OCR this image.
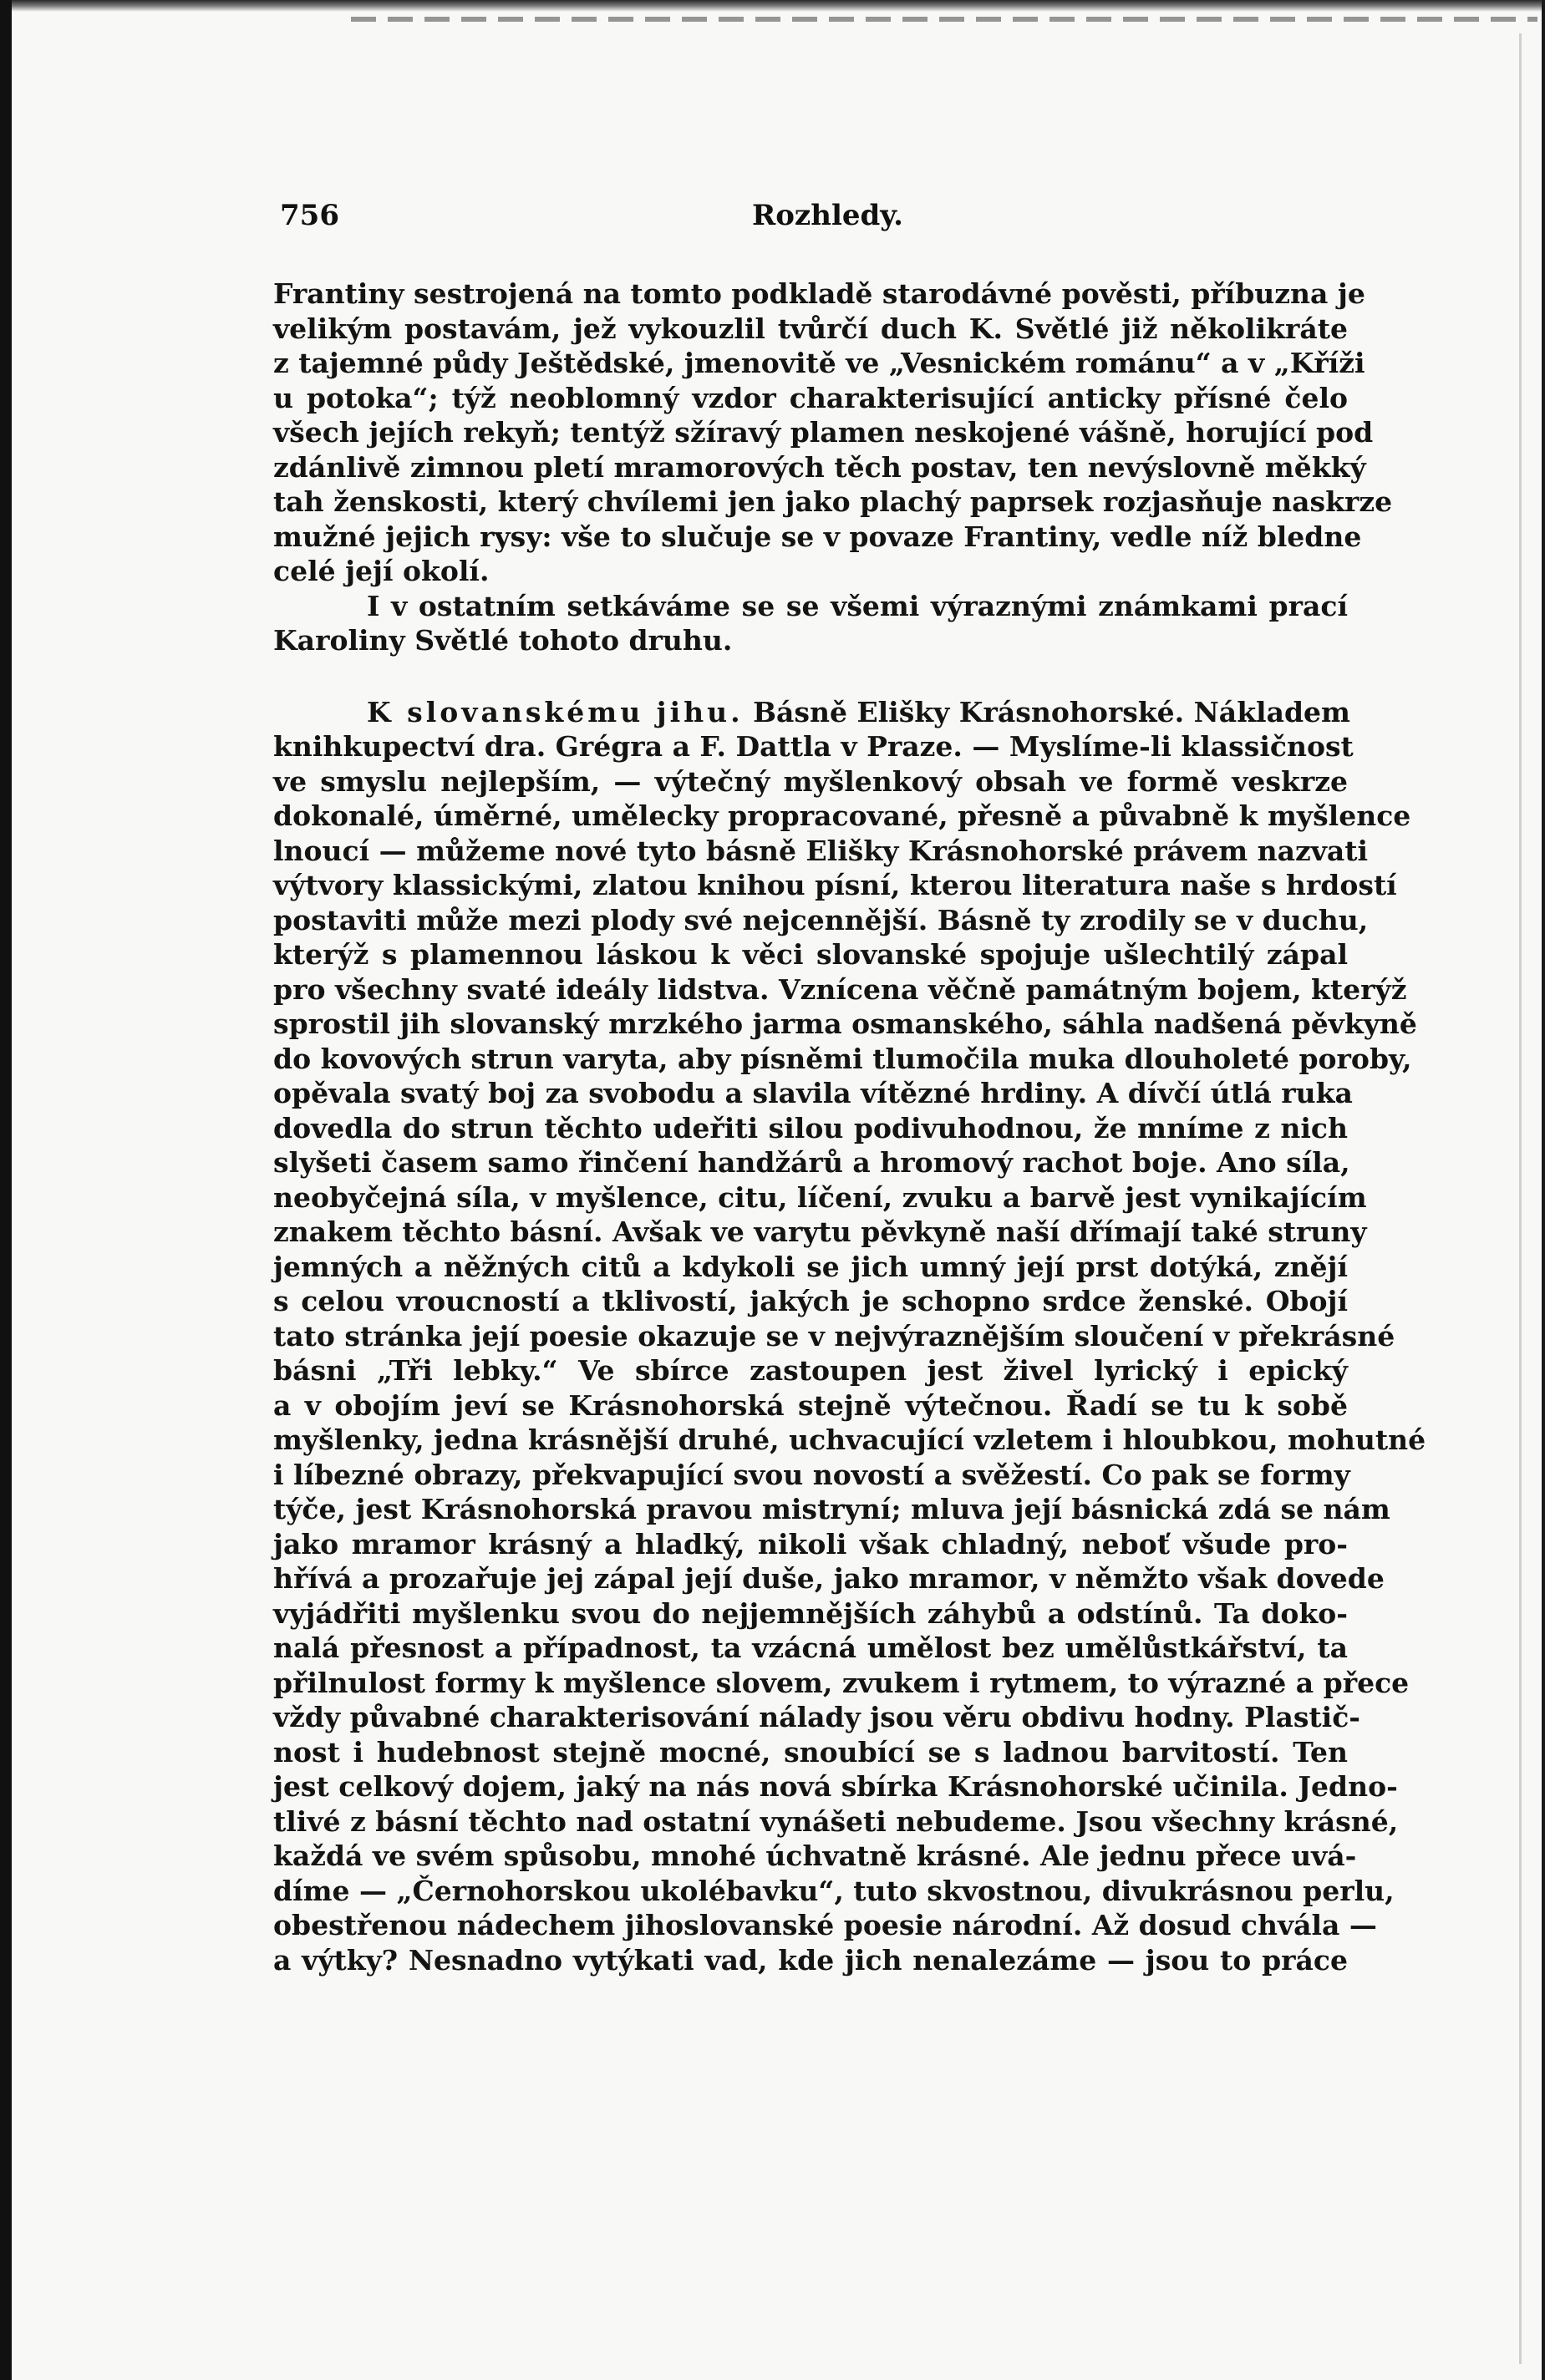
756	Rozhledy.

Frantiny sestrojená na tomto podkladě starodávné pověsti, příbuzna je

velikým postavám, jež vykouzlil tvůrčí duch K. Světlé již několikráte

z tajemné půdy Ještědské, jmenovitě ve „Vesnickém románu“ a v „Kříži

u potoka“; týž neoblomný vzdor charakterisující anticky přísné čelo

všech jejích rekyň; tentýž sžíravý plamen neskojené vášně, horující pod

zdánlivě zimnou pletí mramorových těch postav, ten nevýslovně měkký

tah ženskosti, který chvílemi jen jako plachý paprsek rozjasňuje naskrze

mužné jejich rysy: vše to slučuje se v povaze Frantiny, vedle níž bledne

celé její okolí.

I v ostatním setkáváme se se všemi výraznými známkami prací

Karoliny Světlé tohoto druhu.

K slovanskému jihu. Básně Elišky Krásnohorské. Nákladem

knihkupectví dra. Grégra a F. Dattla v Praze. — Myslíme-li klassičnost

ve smyslu nejlepším, — výtečný myšlenkový obsah ve formě veskrze

dokonalé, úměrné, umělecky propracované, přesně a půvabně k myšlence

lnoucí — můžeme nové tyto básně Elišky Krásnohorské právem nazvati

výtvory klassickými, zlatou knihou písní, kterou literatura naše s hrdostí

postaviti může mezi plody své nejcennější. Básně ty zrodily se v duchu,

kterýž s plamennou láskou k věci slovanské spojuje ušlechtilý zápal

pro všechny svaté ideály lidstva. Vznícena věčně památným bojem, kterýž

sprostil jih slovanský mrzkého jarma osmanského, sáhla nadšená pěvkyně

do kovových strun varyta, aby písněmi tlumočila muka dlouholeté poroby,

opěvala svatý boj za svobodu a slavila vítězné hrdiny. A dívčí útlá ruka

dovedla do strun těchto udeřiti silou podivuhodnou, že mníme z nich

slyšeti časem samo řinčení handžárů a hromový rachot boje. Ano síla,

neobyčejná síla, v myšlence, citu, líčení, zvuku a barvě jest vynikajícím

znakem těchto básní. Avšak ve varytu pěvkyně naší dřímají také struny

jemných a něžných citů a kdykoli se jich umný její prst dotýká, znějí

s celou vroucností a tklivostí, jakých je schopno srdce ženské. Obojí

tato stránka její poesie okazuje se v nejvýraznějším sloučení v překrásné

básni „Tři lebky.“ Ve sbírce zastoupen jest živel lyrický i epický

a v obojím jeví se Krásnohorská stejně výtečnou. Řadí se tu k sobě

myšlenky, jedna krásnější druhé, uchvacující vzletem i hloubkou, mohutné

i líbezné obrazy, překvapující svou novostí a svěžestí. Co pak se formy

týče, jest Krásnohorská pravou mistryní; mluva její básnická zdá se nám

jako mramor krásný a hladký, nikoli však chladný, neboť všude pro-

hřívá a prozařuje jej zápal její duše, jako mramor, v němžto však dovede

vyjádřiti myšlenku svou do nejjemnějších záhybů a odstínů. Ta doko-

nalá přesnost a případnost, ta vzácná umělost bez umělůstkářství, ta

přilnulost formy k myšlence slovem, zvukem i rytmem, to výrazné a přece

vždy půvabné charakterisování nálady jsou věru obdivu hodny. Plastič-

nost i hudebnost stejně mocné, snoubící se s ladnou barvitostí. Ten

jest celkový dojem, jaký na nás nová sbírka Krásnohorské učinila. Jedno-

tlivé z básní těchto nad ostatní vynášeti nebudeme. Jsou všechny krásné,

každá ve svém spůsobu, mnohé úchvatně krásné. Ale jednu přece uvá-

díme — „Černohorskou ukolébavku“, tuto skvostnou, divukrásnou perlu,

obestřenou nádechem jihoslovanské poesie národní. Až dosud chvála —

a výtky? Nesnadno vytýkati vad, kde jich nenalezáme — jsou to práce
